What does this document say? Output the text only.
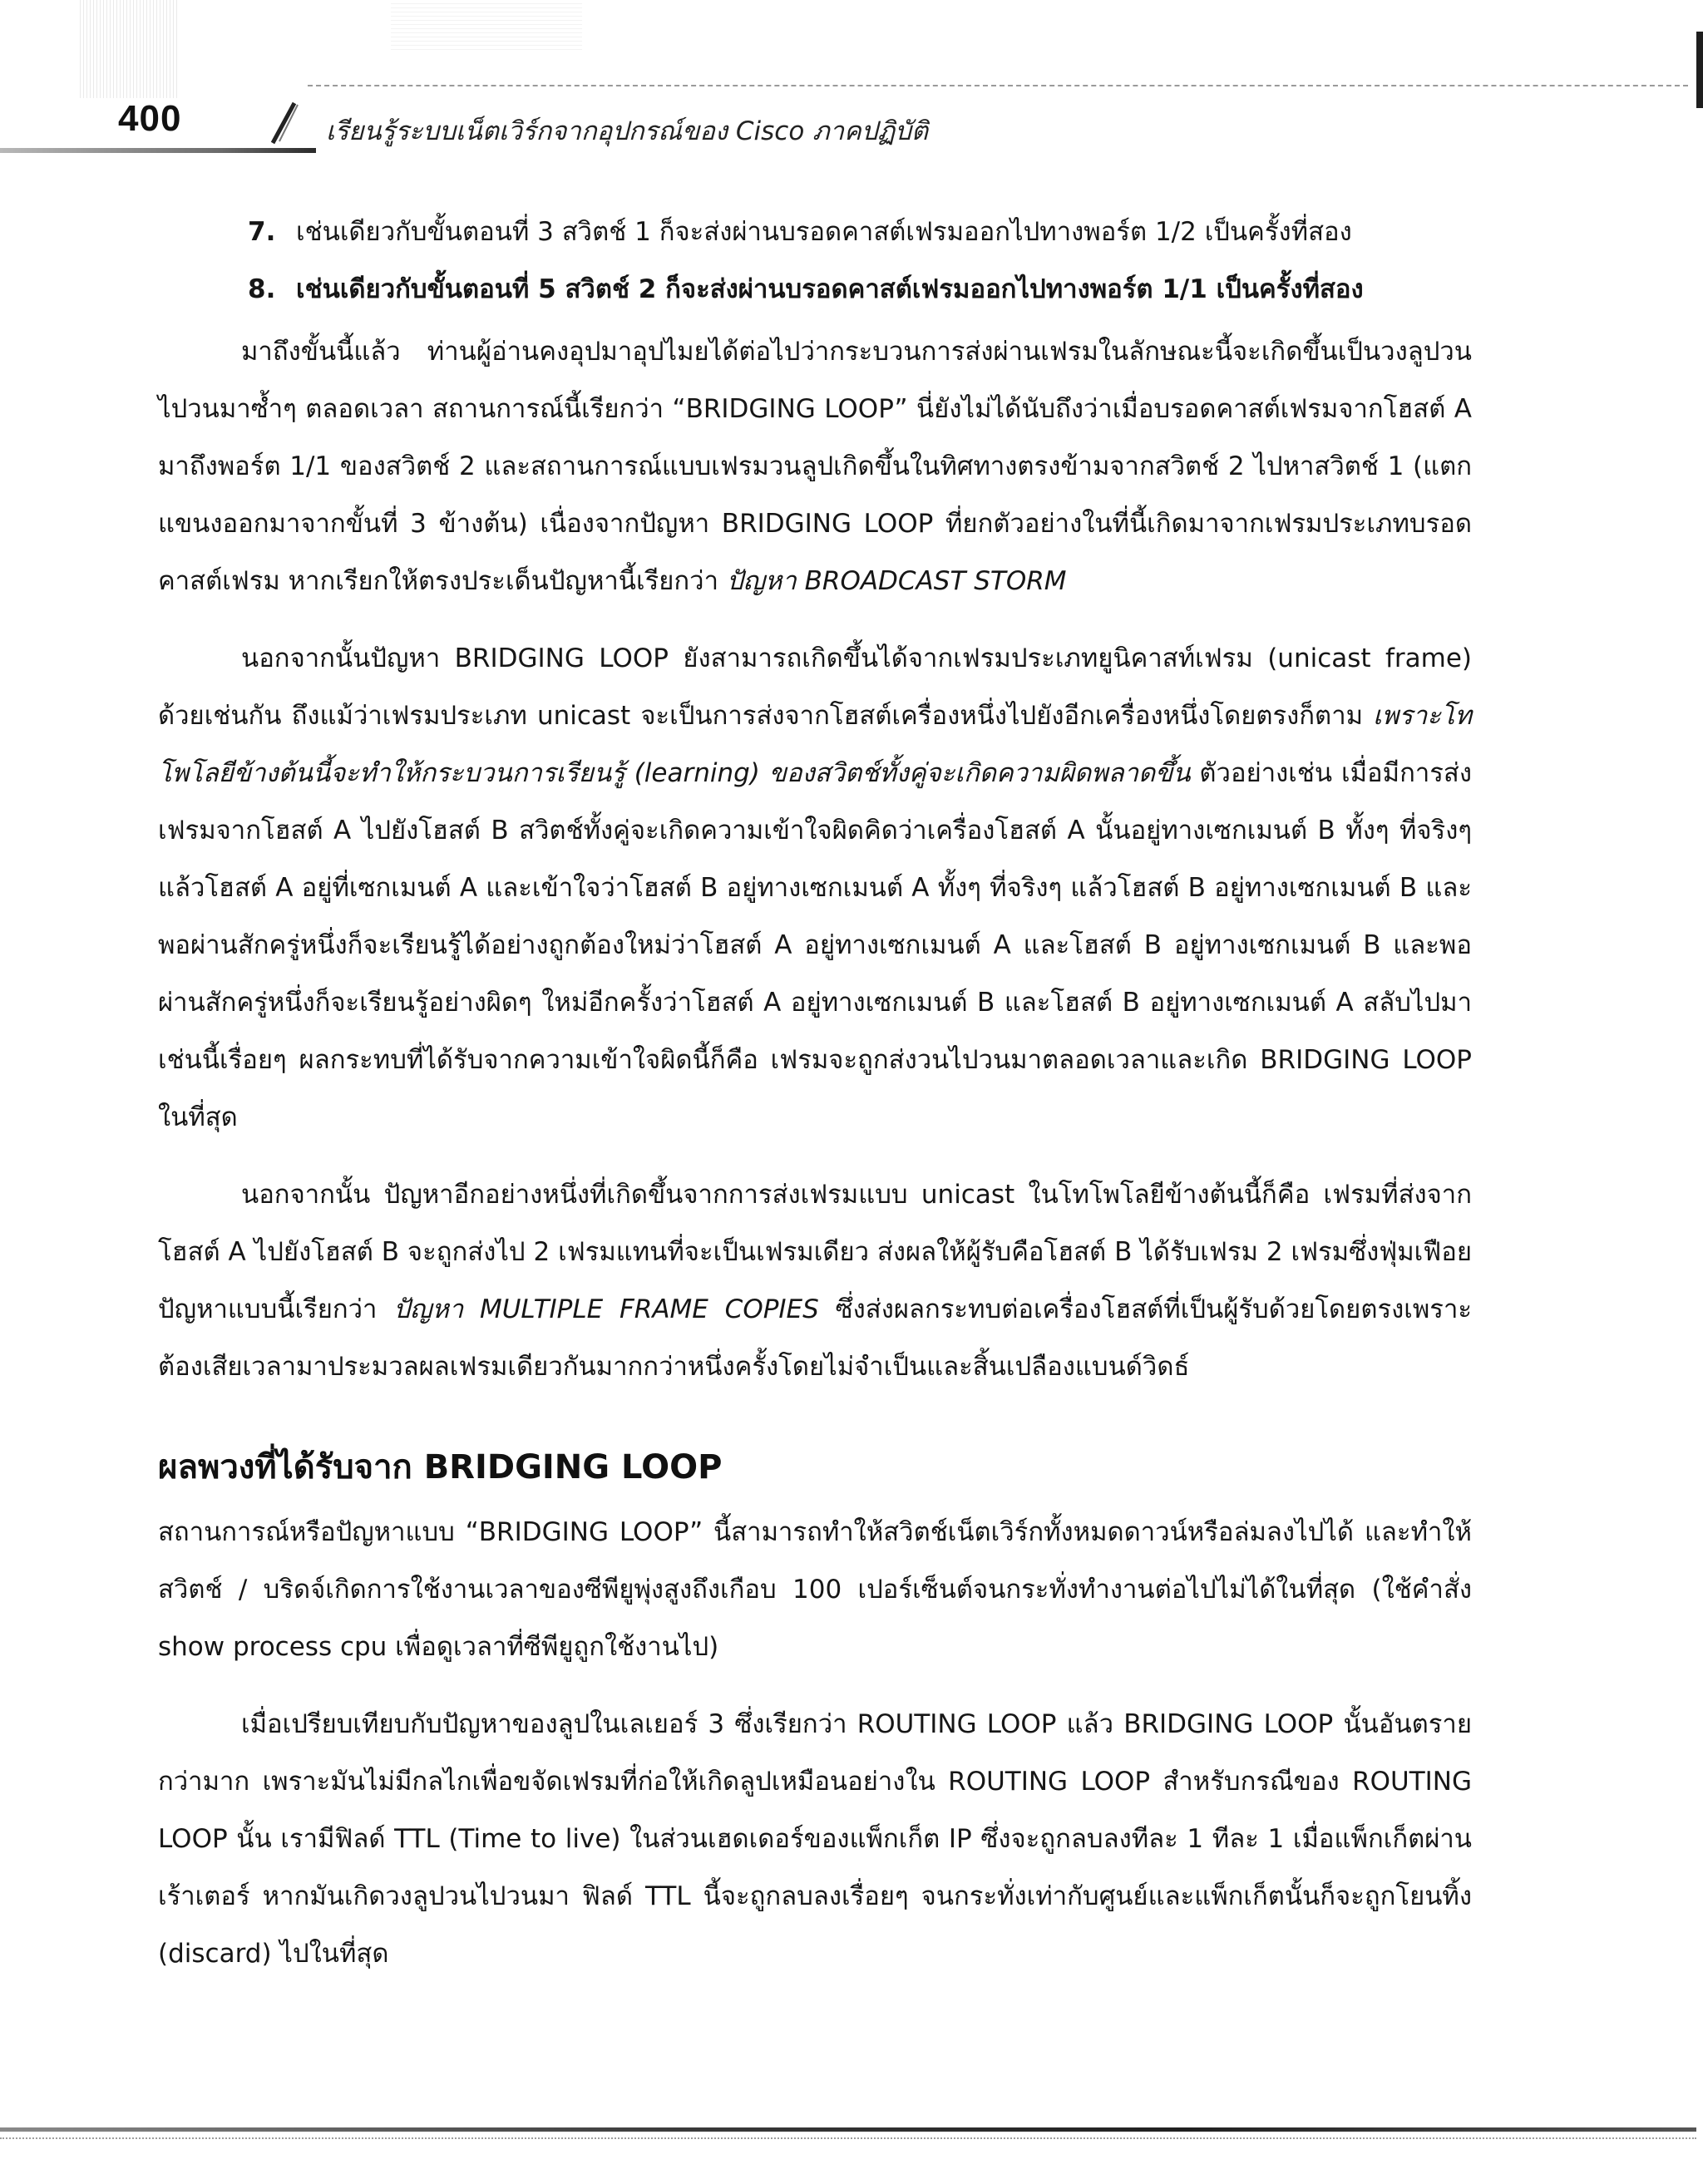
400	เรียนรู้ระบบเน็ตเวิร์กจากอุปกรณ์ของ Cisco ภาคปฏิบัติ
7. เช่นเดียวกับขั้นตอนที่ 3 สวิตช์ 1 ก็จะส่งผ่านบรอดคาสต์เฟรมออกไปทางพอร์ต 1/2 เป็นครั้งที่สอง
8. เช่นเดียวกับขั้นตอนที่ 5 สวิตช์ 2 ก็จะส่งผ่านบรอดคาสต์เฟรมออกไปทางพอร์ต 1/1 เป็นครั้งที่สอง

มาถึงขั้นนี้แล้ว ท่านผู้อ่านคงอุปมาอุปไมยได้ต่อไปว่ากระบวนการส่งผ่านเฟรมในลักษณะนี้จะเกิดขึ้นเป็นวงลูปวนไปวนมาซ้ำๆ ตลอดเวลา สถานการณ์นี้เรียกว่า “BRIDGING LOOP” นี่ยังไม่ได้นับถึงว่าเมื่อบรอดคาสต์เฟรมจากโฮสต์ A มาถึงพอร์ต 1/1 ของสวิตช์ 2 และสถานการณ์แบบเฟรมวนลูปเกิดขึ้นในทิศทางตรงข้ามจากสวิตช์ 2 ไปหาสวิตช์ 1 (แตกแขนงออกมาจากขั้นที่ 3 ข้างต้น) เนื่องจากปัญหา BRIDGING LOOP ที่ยกตัวอย่างในที่นี้เกิดมาจากเฟรมประเภทบรอดคาสต์เฟรม หากเรียกให้ตรงประเด็นปัญหานี้เรียกว่า ปัญหา BROADCAST STORM

นอกจากนั้นปัญหา BRIDGING LOOP ยังสามารถเกิดขึ้นได้จากเฟรมประเภทยูนิคาสท์เฟรม (unicast frame) ด้วยเช่นกัน ถึงแม้ว่าเฟรมประเภท unicast จะเป็นการส่งจากโฮสต์เครื่องหนึ่งไปยังอีกเครื่องหนึ่งโดยตรงก็ตาม เพราะโทโพโลยีข้างต้นนี้จะทำให้กระบวนการเรียนรู้ (learning) ของสวิตช์ทั้งคู่จะเกิดความผิดพลาดขึ้น ตัวอย่างเช่น เมื่อมีการส่งเฟรมจากโฮสต์ A ไปยังโฮสต์ B สวิตช์ทั้งคู่จะเกิดความเข้าใจผิดคิดว่าเครื่องโฮสต์ A นั้นอยู่ทางเซกเมนต์ B ทั้งๆ ที่จริงๆ แล้วโฮสต์ A อยู่ที่เซกเมนต์ A และเข้าใจว่าโฮสต์ B อยู่ทางเซกเมนต์ A ทั้งๆ ที่จริงๆ แล้วโฮสต์ B อยู่ทางเซกเมนต์ B และพอผ่านสักครู่หนึ่งก็จะเรียนรู้ได้อย่างถูกต้องใหม่ว่าโฮสต์ A อยู่ทางเซกเมนต์ A และโฮสต์ B อยู่ทางเซกเมนต์ B และพอผ่านสักครู่หนึ่งก็จะเรียนรู้อย่างผิดๆ ใหม่อีกครั้งว่าโฮสต์ A อยู่ทางเซกเมนต์ B และโฮสต์ B อยู่ทางเซกเมนต์ A สลับไปมาเช่นนี้เรื่อยๆ ผลกระทบที่ได้รับจากความเข้าใจผิดนี้ก็คือ เฟรมจะถูกส่งวนไปวนมาตลอดเวลาและเกิด BRIDGING LOOP ในที่สุด

นอกจากนั้น ปัญหาอีกอย่างหนึ่งที่เกิดขึ้นจากการส่งเฟรมแบบ unicast ในโทโพโลยีข้างต้นนี้ก็คือ เฟรมที่ส่งจากโฮสต์ A ไปยังโฮสต์ B จะถูกส่งไป 2 เฟรมแทนที่จะเป็นเฟรมเดียว ส่งผลให้ผู้รับคือโฮสต์ B ได้รับเฟรม 2 เฟรมซึ่งฟุ่มเฟือย ปัญหาแบบนี้เรียกว่า ปัญหา MULTIPLE FRAME COPIES ซึ่งส่งผลกระทบต่อเครื่องโฮสต์ที่เป็นผู้รับด้วยโดยตรงเพราะต้องเสียเวลามาประมวลผลเฟรมเดียวกันมากกว่าหนึ่งครั้งโดยไม่จำเป็นและสิ้นเปลืองแบนด์วิดธ์

ผลพวงที่ได้รับจาก BRIDGING LOOP

สถานการณ์หรือปัญหาแบบ “BRIDGING LOOP” นี้สามารถทำให้สวิตช์เน็ตเวิร์กทั้งหมดดาวน์หรือล่มลงไปได้ และทำให้สวิตช์ / บริดจ์เกิดการใช้งานเวลาของซีพียูพุ่งสูงถึงเกือบ 100 เปอร์เซ็นต์จนกระทั่งทำงานต่อไปไม่ได้ในที่สุด (ใช้คำสั่ง show process cpu เพื่อดูเวลาที่ซีพียูถูกใช้งานไป)

เมื่อเปรียบเทียบกับปัญหาของลูปในเลเยอร์ 3 ซึ่งเรียกว่า ROUTING LOOP แล้ว BRIDGING LOOP นั้นอันตรายกว่ามาก เพราะมันไม่มีกลไกเพื่อขจัดเฟรมที่ก่อให้เกิดลูปเหมือนอย่างใน ROUTING LOOP สำหรับกรณีของ ROUTING LOOP นั้น เรามีฟิลด์ TTL (Time to live) ในส่วนเฮดเดอร์ของแพ็กเก็ต IP ซึ่งจะถูกลบลงทีละ 1 ทีละ 1 เมื่อแพ็กเก็ตผ่านเร้าเตอร์ หากมันเกิดวงลูปวนไปวนมา ฟิลด์ TTL นี้จะถูกลบลงเรื่อยๆ จนกระทั่งเท่ากับศูนย์และแพ็กเก็ตนั้นก็จะถูกโยนทิ้ง (discard) ไปในที่สุด
